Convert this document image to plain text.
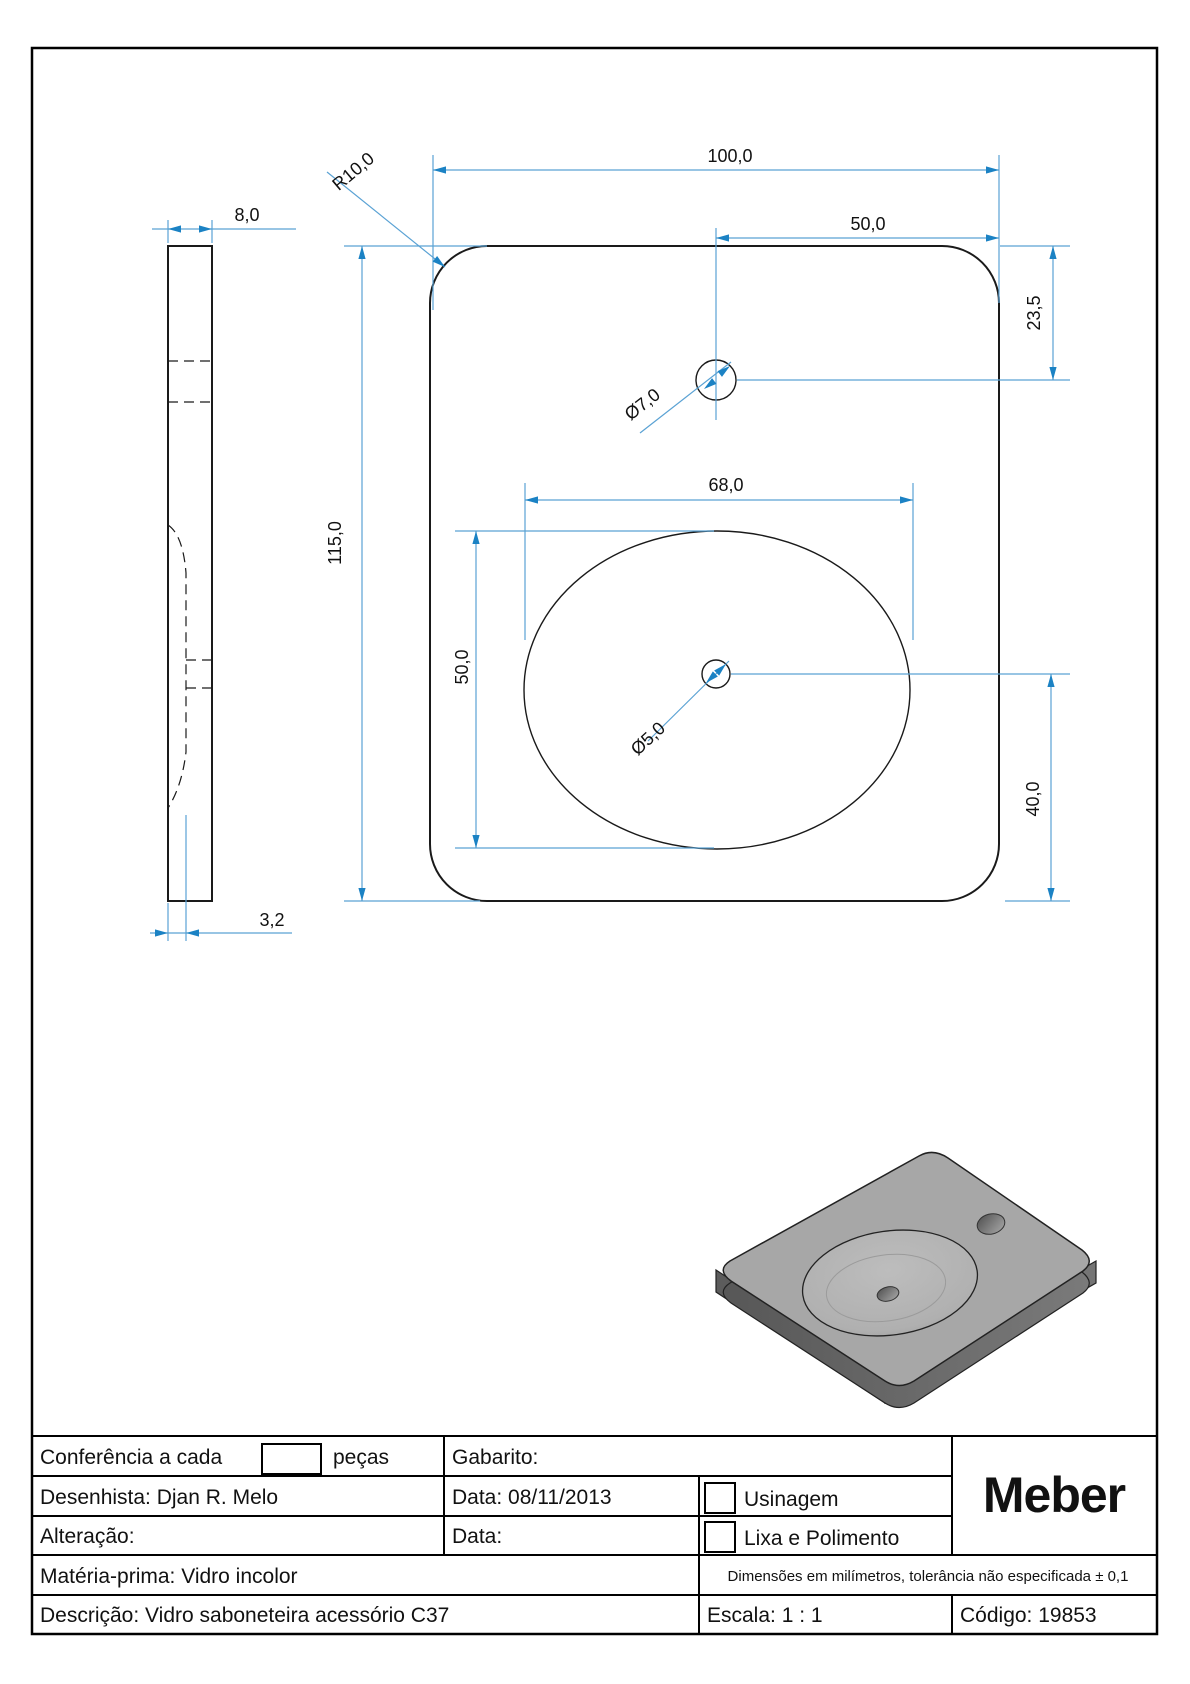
8,0
3,2
100,0
50,0
23,5
115,0
68,0
50,0
40,0
R10,0
Ø7,0
Ø5,0
Conferência a cada	peças	Gabarito:
Desenhista: Djan R. Melo	Data: 08/11/2013	Usinagem
Alteração:	Data:	Lixa e Polimento
Matéria-prima: Vidro incolor	Dimensões em milímetros, tolerância não especificada ± 0,1
Descrição: Vidro saboneteira acessório C37	Escala: 1 : 1	Código: 19853
Meber
